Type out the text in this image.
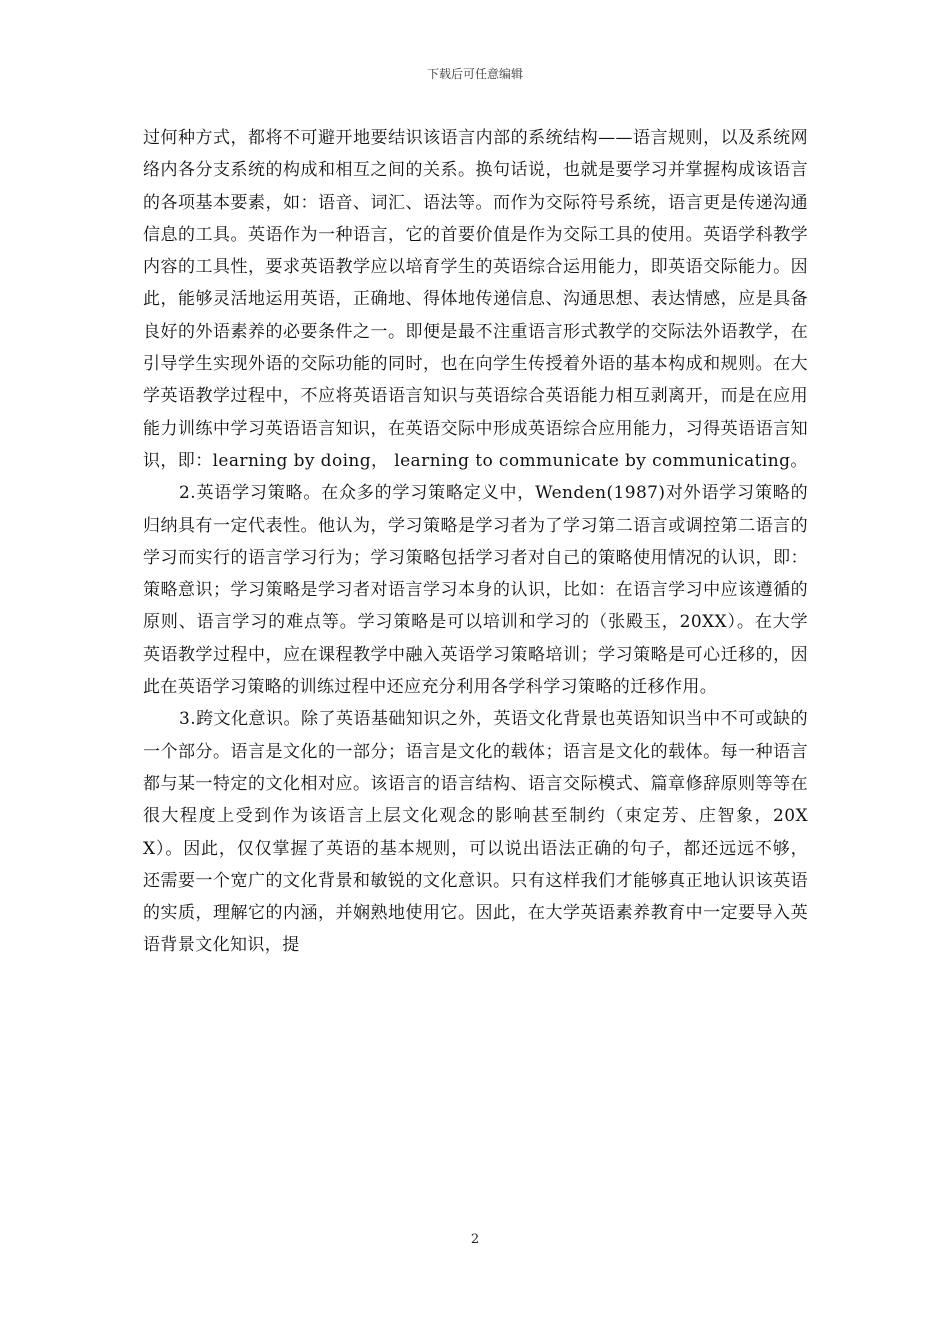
下载后可任意编辑

过何种方式，都将不可避开地要结识该语言内部的系统结构——语言规则，以及系统网络内各分支系统的构成和相互之间的关系。换句话说，也就是要学习并掌握构成该语言的各项基本要素，如：语音、词汇、语法等。而作为交际符号系统，语言更是传递沟通信息的工具。英语作为一种语言，它的首要价值是作为交际工具的使用。英语学科教学内容的工具性，要求英语教学应以培育学生的英语综合运用能力，即英语交际能力。因此，能够灵活地运用英语，正确地、得体地传递信息、沟通思想、表达情感，应是具备良好的外语素养的必要条件之一。即便是最不注重语言形式教学的交际法外语教学，在引导学生实现外语的交际功能的同时，也在向学生传授着外语的基本构成和规则。在大学英语教学过程中，不应将英语语言知识与英语综合英语能力相互剥离开，而是在应用能力训练中学习英语语言知识，在英语交际中形成英语综合应用能力，习得英语语言知识，即：learning by doing， learning to communicate by communicating。

2.英语学习策略。在众多的学习策略定义中，Wenden(1987)对外语学习策略的归纳具有一定代表性。他认为，学习策略是学习者为了学习第二语言或调控第二语言的学习而实行的语言学习行为；学习策略包括学习者对自己的策略使用情况的认识，即：策略意识；学习策略是学习者对语言学习本身的认识，比如：在语言学习中应该遵循的原则、语言学习的难点等。学习策略是可以培训和学习的（张殿玉，20XX）。在大学英语教学过程中，应在课程教学中融入英语学习策略培训；学习策略是可心迁移的，因此在英语学习策略的训练过程中还应充分利用各学科学习策略的迁移作用。

3.跨文化意识。除了英语基础知识之外，英语文化背景也英语知识当中不可或缺的一个部分。语言是文化的一部分；语言是文化的载体；语言是文化的载体。每一种语言都与某一特定的文化相对应。该语言的语言结构、语言交际模式、篇章修辞原则等等在很大程度上受到作为该语言上层文化观念的影响甚至制约（束定芳、庄智象，20XX）。因此，仅仅掌握了英语的基本规则，可以说出语法正确的句子，都还远远不够，还需要一个宽广的文化背景和敏锐的文化意识。只有这样我们才能够真正地认识该英语的实质，理解它的内涵，并娴熟地使用它。因此，在大学英语素养教育中一定要导入英语背景文化知识，提

2
